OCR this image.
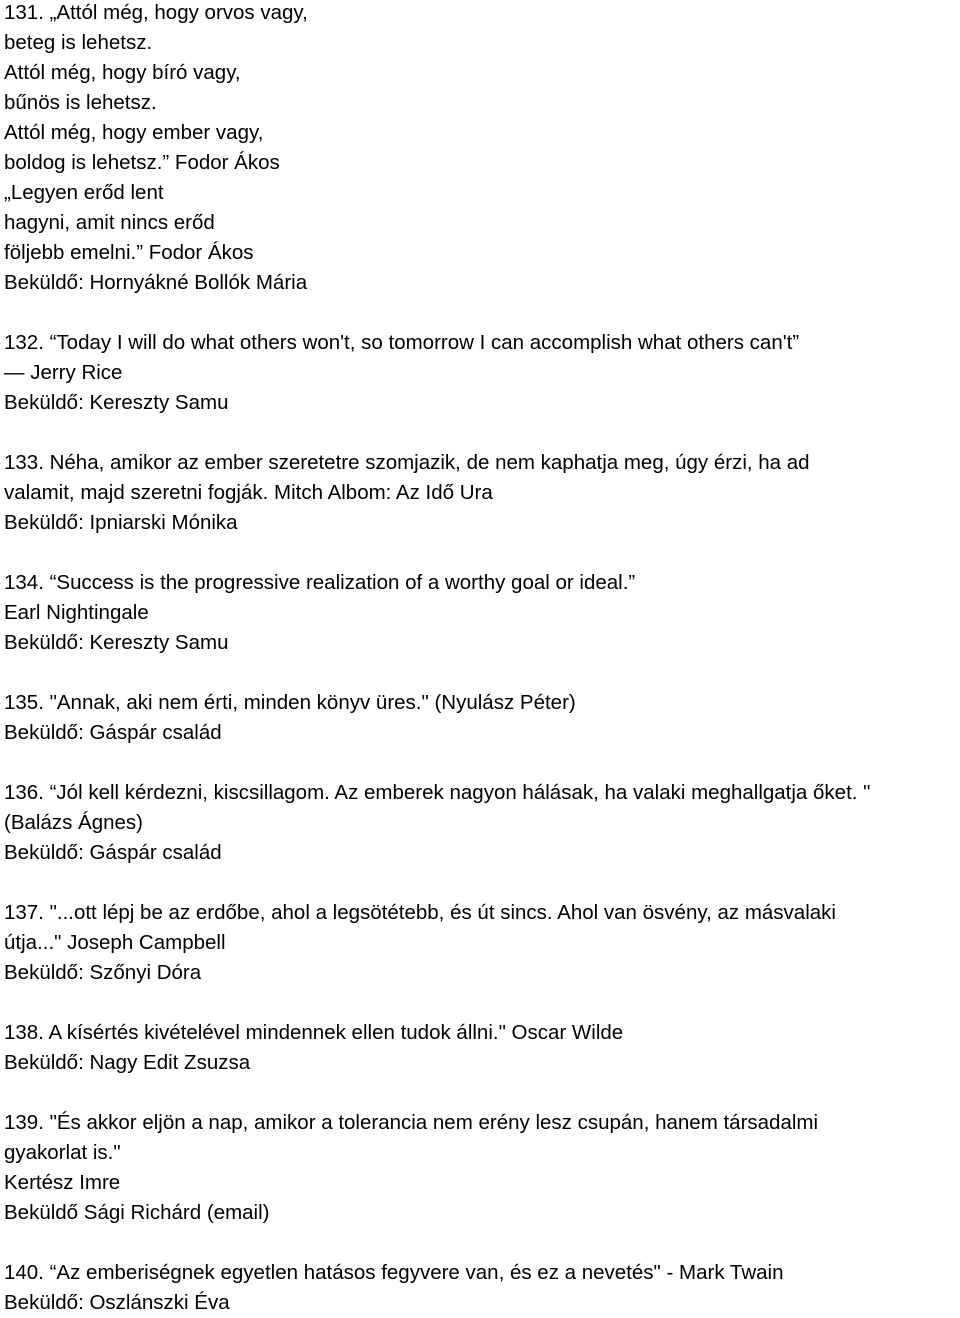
131. „Attól még, hogy orvos vagy,
beteg is lehetsz.
Attól még, hogy bíró vagy,
bűnös is lehetsz.
Attól még, hogy ember vagy,
boldog is lehetsz.” Fodor Ákos
„Legyen erőd lent
hagyni, amit nincs erőd
följebb emelni.” Fodor Ákos
Beküldő: Hornyákné Bollók Mária
132. “Today I will do what others won't, so tomorrow I can accomplish what others can't”
― Jerry Rice
Beküldő: Kereszty Samu
133. Néha, amikor az ember szeretetre szomjazik, de nem kaphatja meg, úgy érzi, ha ad
valamit, majd szeretni fogják. Mitch Albom: Az Idő Ura
Beküldő: Ipniarski Mónika
134. “Success is the progressive realization of a worthy goal or ideal.”
Earl Nightingale
Beküldő: Kereszty Samu
135. "Annak, aki nem érti, minden könyv üres." (Nyulász Péter)
Beküldő: Gáspár család
136. “Jól kell kérdezni, kiscsillagom. Az emberek nagyon hálásak, ha valaki meghallgatja őket. "
(Balázs Ágnes)
Beküldő: Gáspár család
137. "...ott lépj be az erdőbe, ahol a legsötétebb, és út sincs. Ahol van ösvény, az másvalaki
útja..." Joseph Campbell
Beküldő: Szőnyi Dóra
138. A kísértés kivételével mindennek ellen tudok állni." Oscar Wilde
Beküldő: Nagy Edit Zsuzsa
139. "És akkor eljön a nap, amikor a tolerancia nem erény lesz csupán, hanem társadalmi
gyakorlat is."
Kertész Imre
Beküldő Sági Richárd (email)
140. “Az emberiségnek egyetlen hatásos fegyvere van, és ez a nevetés" - Mark Twain
Beküldő: Oszlánszki Éva
